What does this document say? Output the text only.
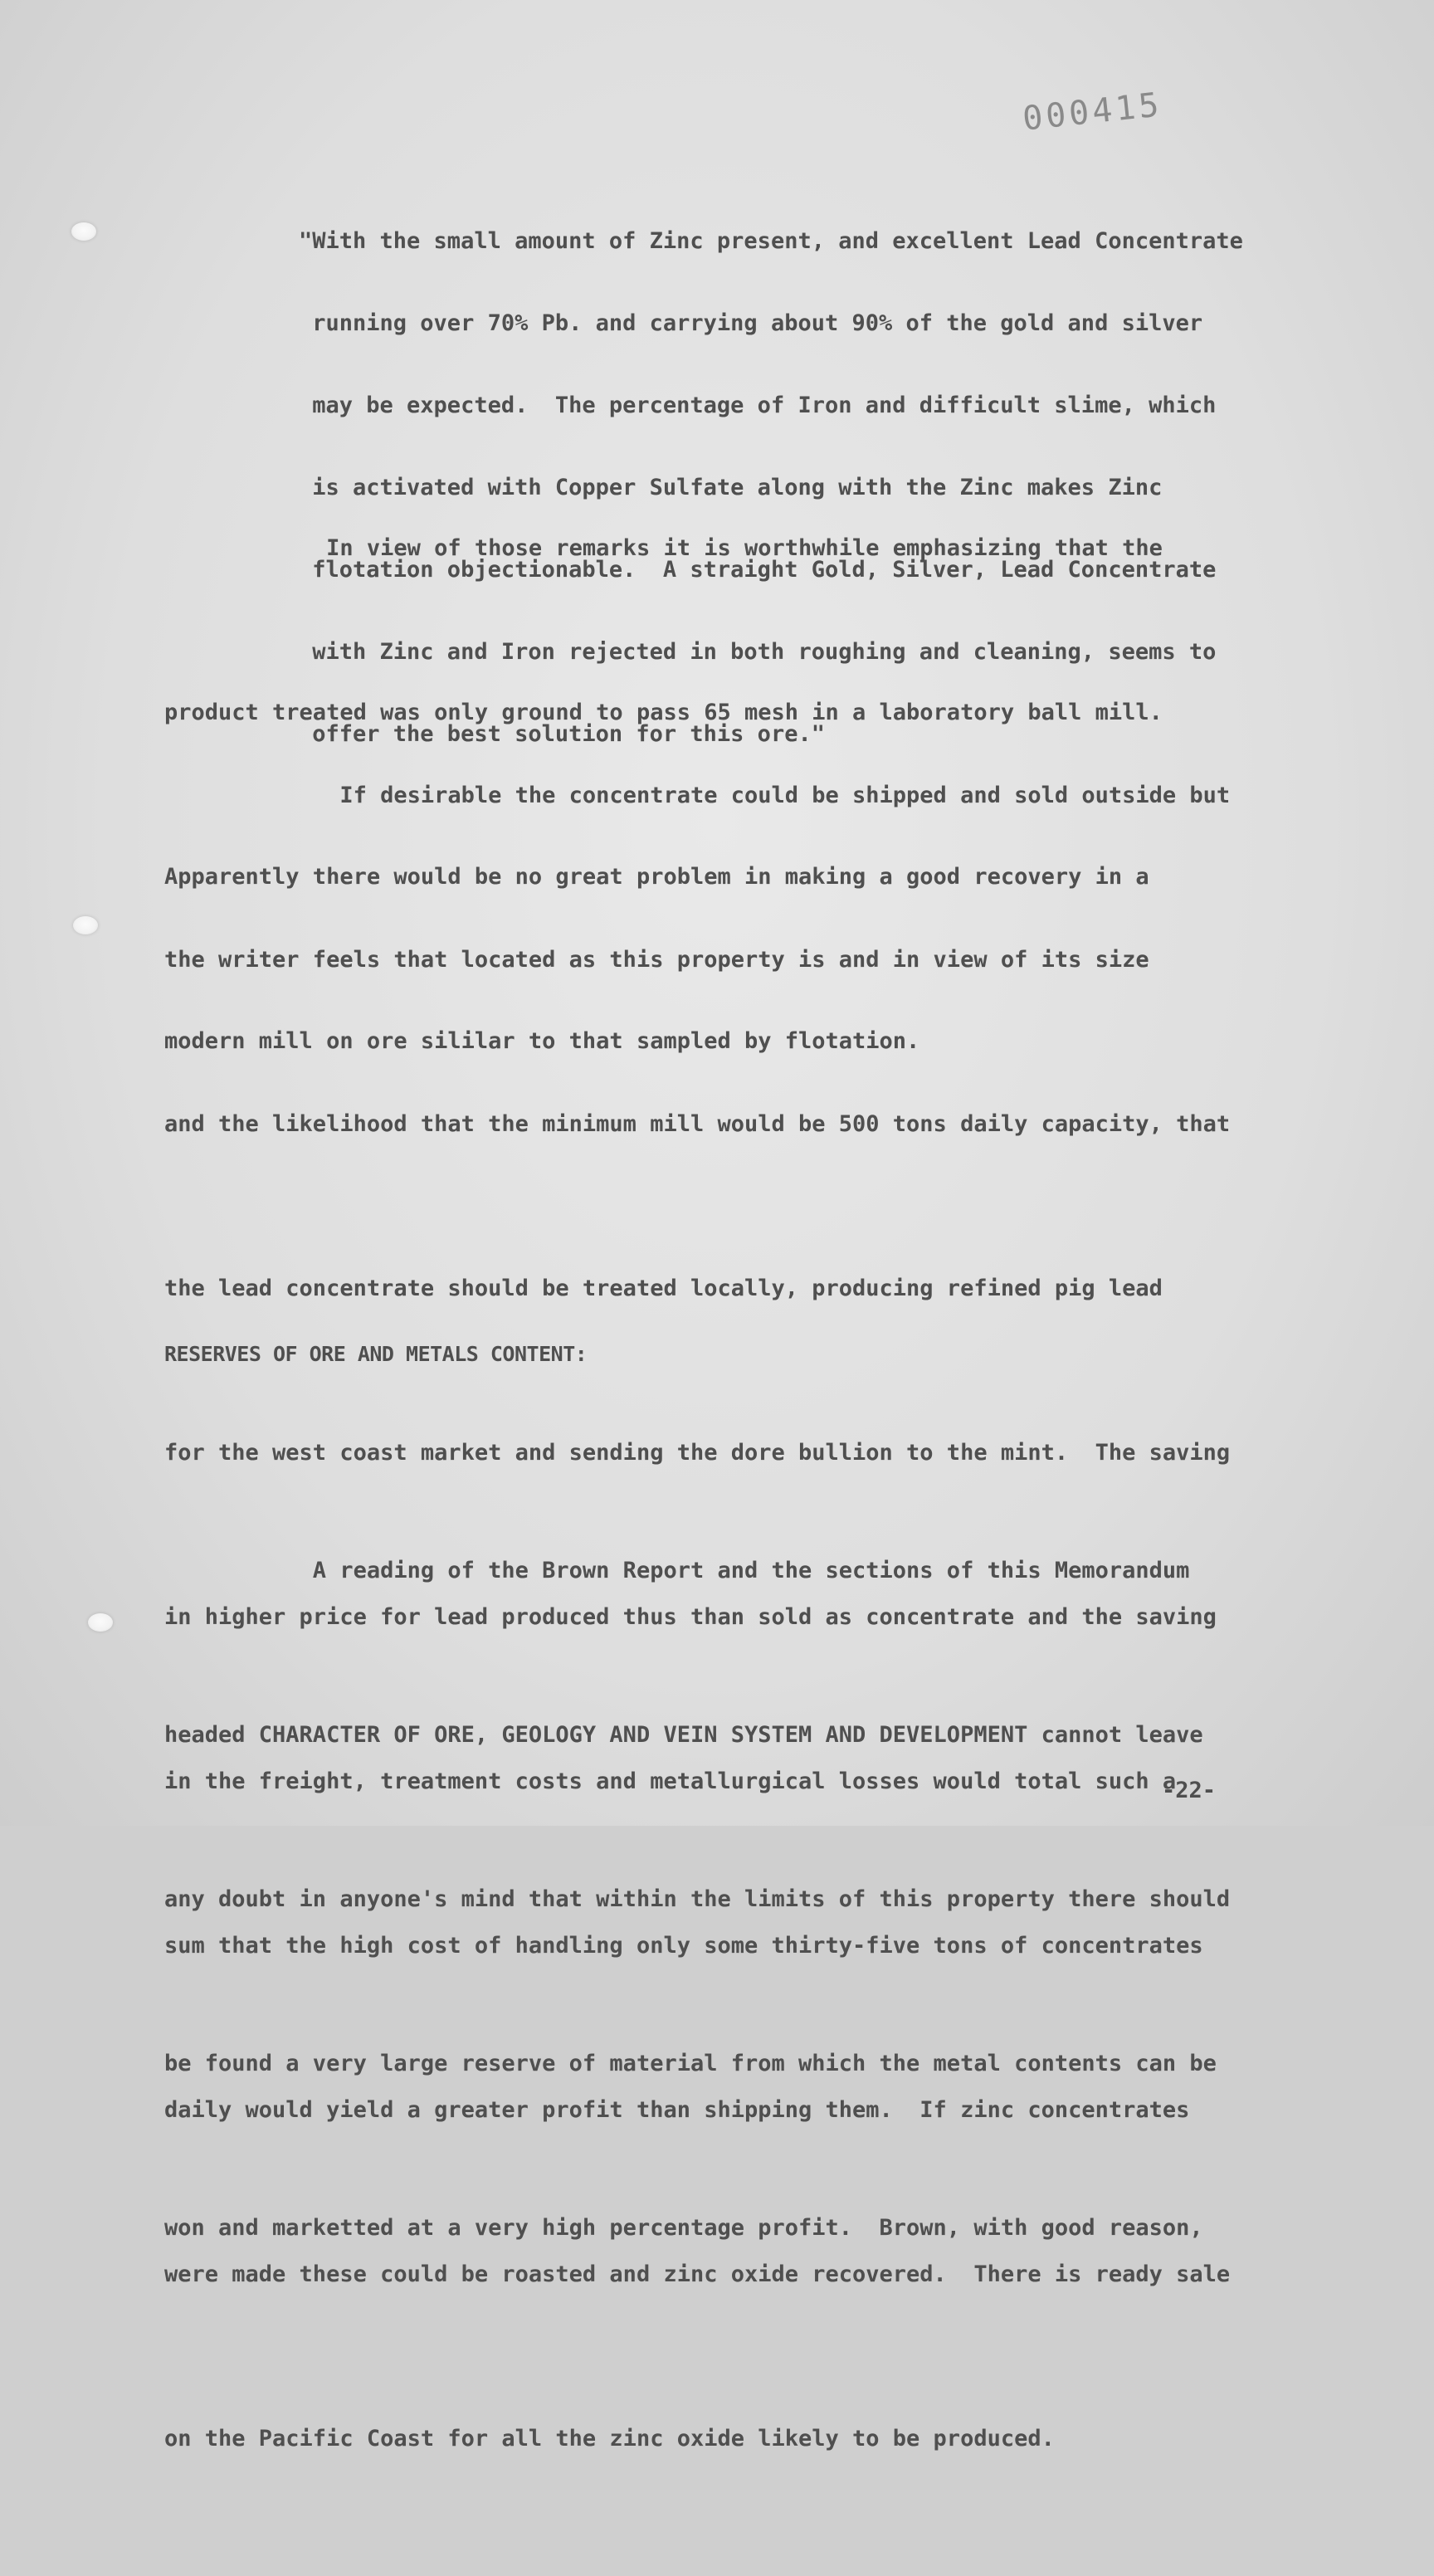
000415

"With the small amount of Zinc present, and excellent Lead Concentrate

running over 70% Pb. and carrying about 90% of the gold and silver

may be expected.  The percentage of Iron and difficult slime, which

is activated with Copper Sulfate along with the Zinc makes Zinc

flotation objectionable.  A straight Gold, Silver, Lead Concentrate

with Zinc and Iron rejected in both roughing and cleaning, seems to

offer the best solution for this ore."

In view of those remarks it is worthwhile emphasizing that the

product treated was only ground to pass 65 mesh in a laboratory ball mill.

Apparently there would be no great problem in making a good recovery in a

modern mill on ore sililar to that sampled by flotation.

If desirable the concentrate could be shipped and sold outside but

the writer feels that located as this property is and in view of its size

and the likelihood that the minimum mill would be 500 tons daily capacity, that

the lead concentrate should be treated locally, producing refined pig lead

for the west coast market and sending the dore bullion to the mint.  The saving

in higher price for lead produced thus than sold as concentrate and the saving

in the freight, treatment costs and metallurgical losses would total such a

sum that the high cost of handling only some thirty-five tons of concentrates

daily would yield a greater profit than shipping them.  If zinc concentrates

were made these could be roasted and zinc oxide recovered.  There is ready sale

on the Pacific Coast for all the zinc oxide likely to be produced.

RESERVES OF ORE AND METALS CONTENT:

A reading of the Brown Report and the sections of this Memorandum

headed CHARACTER OF ORE, GEOLOGY AND VEIN SYSTEM AND DEVELOPMENT cannot leave

any doubt in anyone's mind that within the limits of this property there should

be found a very large reserve of material from which the metal contents can be

won and marketted at a very high percentage profit.  Brown, with good reason,

-22-
